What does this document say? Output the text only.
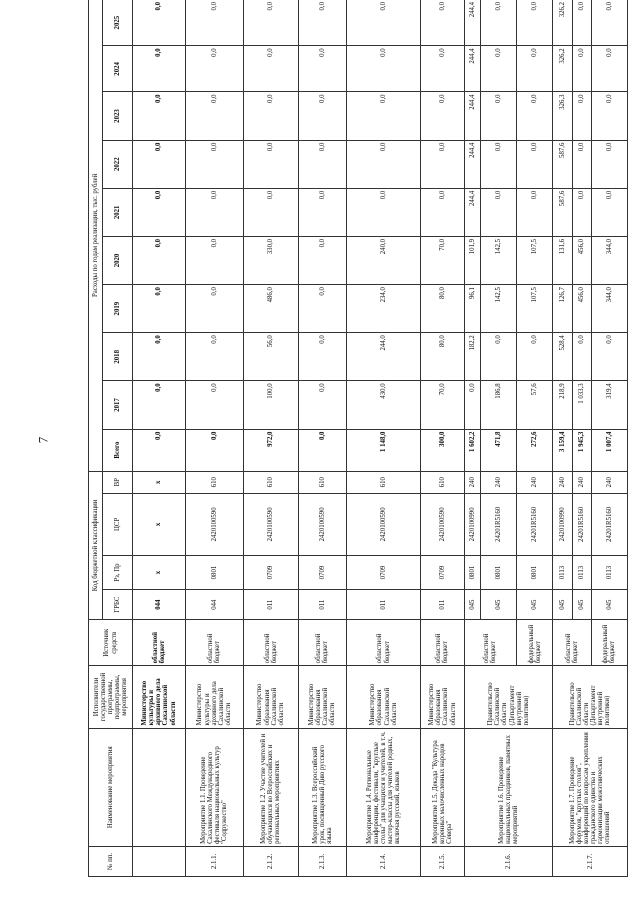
7
№ пп.	Наименование мероприятия	Исполнители государственной программы, подпрограммы, мероприятия	Источник средств	Код бюджетной классификации				Расходы по годам реализации, тыс. рублей									
				ГРБС	Рз, Пр	ЦСР	ВР	Всего	2017	2018	2019	2020	2021	2022	2023	2024	2025
		Министерство культуры и архивного дела Сахалинской области	областной бюджет	044	x	x	x	0,0	0,0	0,0	0,0	0,0	0,0	0,0	0,0	0,0	0,0
2.1.1.	Мероприятие 1.1. Проведение Сахалинского Международного фестиваля национальных культур "Содружество"	Министерство культуры и архивного дела Сахалинской области	областной бюджет	044	0801	2420100590	610	0,0	0,0	0,0	0,0	0,0	0,0	0,0	0,0	0,0	0,0
2.1.2.	Мероприятие 1.2. Участие учителей и обучающихся во Всероссийских и региональных мероприятиях	Министерство образования Сахалинской области	областной бюджет	011	0709	2420100590	610	972,0	100,0	56,0	486,0	330,0	0,0	0,0	0,0	0,0	0,0
2.1.3.	Мероприятие 1.3. Всероссийский урок, посвященный Дню русского языка	Министерство образования Сахалинской области	областной бюджет	011	0709	2420100590	610	0,0	0,0	0,0	0,0	0,0	0,0	0,0	0,0	0,0	0,0
2.1.4.	Мероприятие 1.4. Региональные конференции, фестивали, "круглые столы" для учащихся и учителей, в т.ч. мастер-классы для учителей родных, включая русский, языков	Министерство образования Сахалинской области	областной бюджет	011	0709	2420100590	610	1 148,0	430,0	244,0	234,0	240,0	0,0	0,0	0,0	0,0	0,0
2.1.5.	Мероприятие 1.5. Декада "Культура коренных малочисленных народов Севера"	Министерство образования Сахалинской области	областной бюджет	011	0709	2420100590	610	300,0	70,0	80,0	80,0	70,0	0,0	0,0	0,0	0,0	0,0
2.1.6.	Мероприятие 1.6. Проведение национальных праздников, памятных мероприятий	Правительство Сахалинской области (Департамент внутренней политики)	областной бюджет	045	0801	2420100990	240	1 602,2	0,0	182,2	96,1	101,9	244,4	244,4	244,4	244,4	244,4
				045	0801	24201R5160	240	471,8	186,8	0,0	142,5	142,5	0,0	0,0	0,0	0,0	0,0
			федеральный бюджет	045	0801	24201R5160	240	272,6	57,6	0,0	107,5	107,5	0,0	0,0	0,0	0,0	0,0
2.1.7.	Мероприятие 1.7. Проведение форумов, "круглых столов", конференций по вопросам укрепления гражданского единства и гармонизации межэтнических отношений	Правительство Сахалинской области (Департамент внутренней политики)	областной бюджет	045	0113	2420100990	240	3 159,4	218,9	528,4	126,7	131,6	587,6	587,6	326,3	326,2	326,2
				045	0113	24201R5160	240	1 945,3	1 033,3	0,0	456,0	456,0	0,0	0,0	0,0	0,0	0,0
			федеральный бюджет	045	0113	24201R5160	240	1 007,4	319,4	0,0	344,0	344,0	0,0	0,0	0,0	0,0	0,0
